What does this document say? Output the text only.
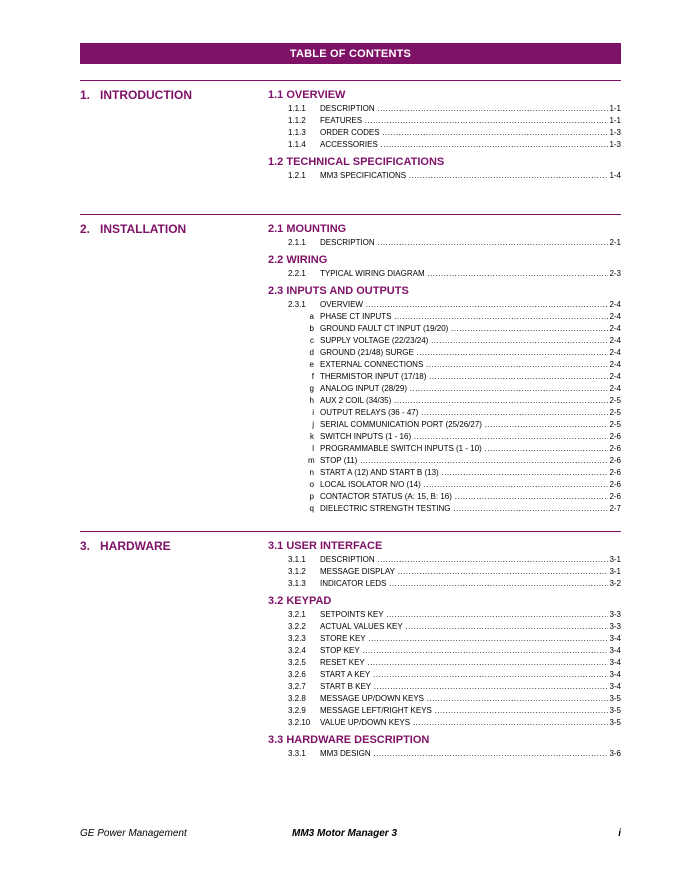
TABLE OF CONTENTS
1. INTRODUCTION	1.1 OVERVIEW
1.1.1 DESCRIPTION .....	1-1
1.1.2 FEATURES .....	1-1
1.1.3 ORDER CODES .....	1-3
1.1.4 ACCESSORIES .....	1-3
1.2 TECHNICAL SPECIFICATIONS
1.2.1 MM3 SPECIFICATIONS .....	1-4
2. INSTALLATION	2.1 MOUNTING
2.1.1 DESCRIPTION .....	2-1
2.2 WIRING
2.2.1 TYPICAL WIRING DIAGRAM .....	2-3
2.3 INPUTS AND OUTPUTS
2.3.1 OVERVIEW .....	2-4
a PHASE CT INPUTS .....	2-4
b GROUND FAULT CT INPUT (19/20) .....	2-4
c SUPPLY VOLTAGE (22/23/24) .....	2-4
d GROUND (21/48) SURGE .....	2-4
e EXTERNAL CONNECTIONS .....	2-4
f THERMISTOR INPUT (17/18) .....	2-4
g ANALOG INPUT (28/29) .....	2-4
h AUX 2 COIL (34/35) .....	2-5
i OUTPUT RELAYS (36 - 47) .....	2-5
j SERIAL COMMUNICATION PORT (25/26/27) .....	2-5
k SWITCH INPUTS (1 - 16) .....	2-6
l PROGRAMMABLE SWITCH INPUTS (1 - 10) .....	2-6
m STOP (11) .....	2-6
n START A (12) AND START B (13) .....	2-6
o LOCAL ISOLATOR N/O (14) .....	2-6
p CONTACTOR STATUS (A: 15, B: 16) .....	2-6
q DIELECTRIC STRENGTH TESTING .....	2-7
3. HARDWARE	3.1 USER INTERFACE
3.1.1 DESCRIPTION .....	3-1
3.1.2 MESSAGE DISPLAY .....	3-1
3.1.3 INDICATOR LEDS .....	3-2
3.2 KEYPAD
3.2.1 SETPOINTS KEY .....	3-3
3.2.2 ACTUAL VALUES KEY .....	3-3
3.2.3 STORE KEY .....	3-4
3.2.4 STOP KEY .....	3-4
3.2.5 RESET KEY .....	3-4
3.2.6 START A KEY .....	3-4
3.2.7 START B KEY .....	3-4
3.2.8 MESSAGE UP/DOWN KEYS .....	3-5
3.2.9 MESSAGE LEFT/RIGHT KEYS .....	3-5
3.2.10 VALUE UP/DOWN KEYS .....	3-5
3.3 HARDWARE DESCRIPTION
3.3.1 MM3 DESIGN .....	3-6
GE Power Management	MM3 Motor Manager 3	i
